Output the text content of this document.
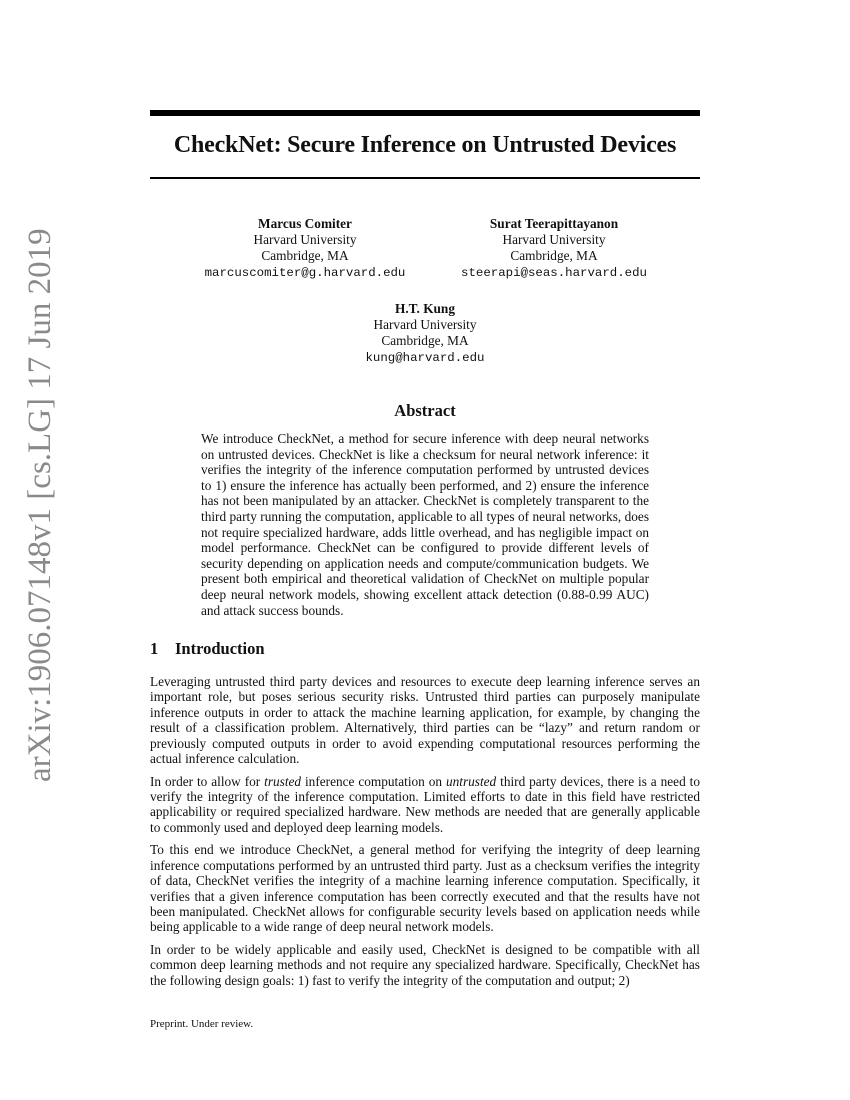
arXiv:1906.07148v1 [cs.LG] 17 Jun 2019
CheckNet: Secure Inference on Untrusted Devices
Marcus Comiter
Harvard University
Cambridge, MA
marcuscomiter@g.harvard.edu
Surat Teerapittayanon
Harvard University
Cambridge, MA
steerapi@seas.harvard.edu
H.T. Kung
Harvard University
Cambridge, MA
kung@harvard.edu
Abstract
We introduce CheckNet, a method for secure inference with deep neural networks on untrusted devices. CheckNet is like a checksum for neural network inference: it verifies the integrity of the inference computation performed by untrusted devices to 1) ensure the inference has actually been performed, and 2) ensure the inference has not been manipulated by an attacker. CheckNet is completely transparent to the third party running the computation, applicable to all types of neural networks, does not require specialized hardware, adds little overhead, and has negligible impact on model performance. CheckNet can be configured to provide different levels of security depending on application needs and compute/communication budgets. We present both empirical and theoretical validation of CheckNet on multiple popular deep neural network models, showing excellent attack detection (0.88-0.99 AUC) and attack success bounds.
1 Introduction

Leveraging untrusted third party devices and resources to execute deep learning inference serves an important role, but poses serious security risks. Untrusted third parties can purposely manipulate inference outputs in order to attack the machine learning application, for example, by changing the result of a classification problem. Alternatively, third parties can be “lazy” and return random or previously computed outputs in order to avoid expending computational resources performing the actual inference calculation.

In order to allow for trusted inference computation on untrusted third party devices, there is a need to verify the integrity of the inference computation. Limited efforts to date in this field have restricted applicability or required specialized hardware. New methods are needed that are generally applicable to commonly used and deployed deep learning models.

To this end we introduce CheckNet, a general method for verifying the integrity of deep learning inference computations performed by an untrusted third party. Just as a checksum verifies the integrity of data, CheckNet verifies the integrity of a machine learning inference computation. Specifically, it verifies that a given inference computation has been correctly executed and that the results have not been manipulated. CheckNet allows for configurable security levels based on application needs while being applicable to a wide range of deep neural network models.

In order to be widely applicable and easily used, CheckNet is designed to be compatible with all common deep learning methods and not require any specialized hardware. Specifically, CheckNet has the following design goals: 1) fast to verify the integrity of the computation and output; 2)

Preprint. Under review.
